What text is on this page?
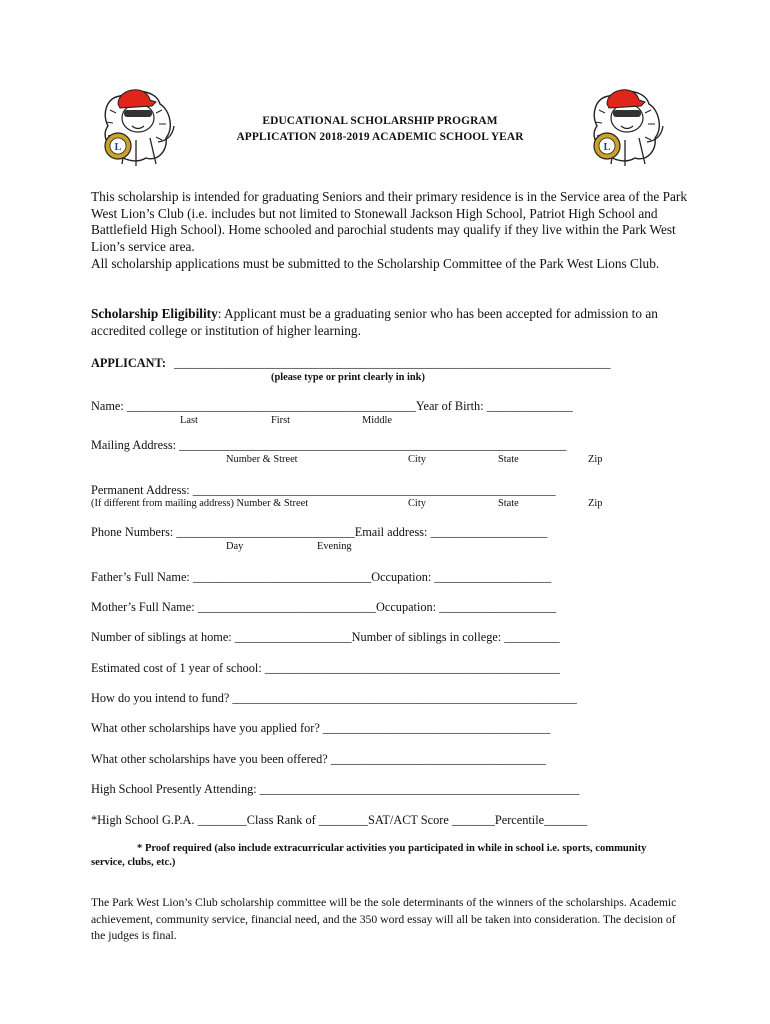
L	L
EDUCATIONAL SCHOLARSHIP PROGRAM
APPLICATION 2018-2019 ACADEMIC SCHOOL YEAR
This scholarship is intended for graduating Seniors and their primary residence is in the Service area of the Park West Lion’s Club (i.e. includes but not limited to Stonewall Jackson High School, Patriot High School and Battlefield High School). Home schooled and parochial students may qualify if they live within the Park West Lion’s service area.
All scholarship applications must be submitted to the Scholarship Committee of the Park West Lions Club.
Scholarship Eligibility: Applicant must be a graduating senior who has been accepted for admission to an accredited college or institution of higher learning.
APPLICANT: _______________________________________________________________________
(please type or print clearly in ink)
Name: _______________________________________________Year of Birth: ______________
Last	First	Middle
Mailing Address: _______________________________________________________________
Number & Street	City	State	Zip
Permanent Address: ___________________________________________________________
(If different from mailing address) Number & Street	City	State	Zip
Phone Numbers: _____________________________Email address: ___________________
Day	Evening
Father’s Full Name: _____________________________Occupation: ___________________
Mother’s Full Name: _____________________________Occupation: ___________________
Number of siblings at home: ___________________Number of siblings in college: _________
Estimated cost of 1 year of school: ________________________________________________
How do you intend to fund? ________________________________________________________
What other scholarships have you applied for? _____________________________________
What other scholarships have you been offered? ___________________________________
High School Presently Attending: ____________________________________________________
*High School G.P.A. ________Class Rank of ________SAT/ACT Score _______Percentile_______
* Proof required (also include extracurricular activities you participated in while in school i.e. sports, community service, clubs, etc.)
The Park West Lion’s Club scholarship committee will be the sole determinants of the winners of the scholarships. Academic achievement, community service, financial need, and the 350 word essay will all be taken into consideration. The decision of the judges is final.
